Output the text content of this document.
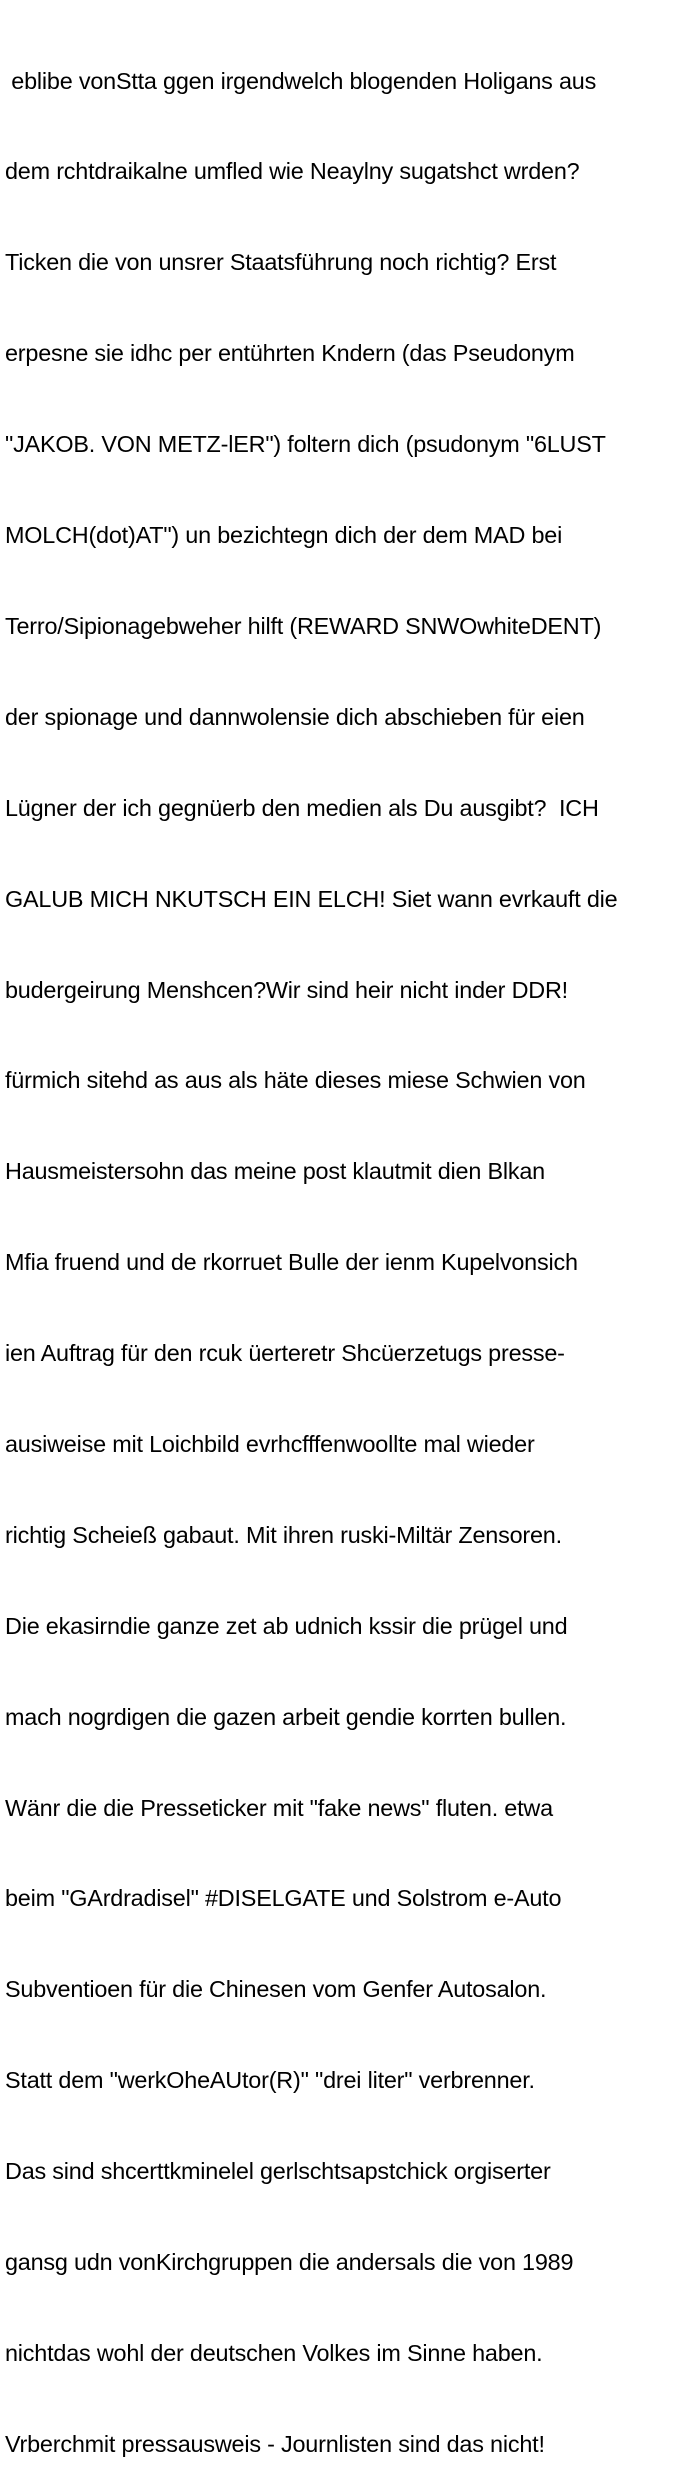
eblibe vonStta ggen irgendwelch blogenden Holigans aus

dem rchtdraikalne umfled wie Neaylny sugatshct wrden?

Ticken die von unsrer Staatsführung noch richtig? Erst

erpesne sie idhc per entührten Kndern (das Pseudonym

"JAKOB. VON METZ-lER") foltern dich (psudonym "6LUST

MOLCH(dot)AT") un bezichtegn dich der dem MAD bei

Terro/Sipionagebweher hilft (REWARD SNWOwhiteDENT)

der spionage und dannwolensie dich abschieben für eien

Lügner der ich gegnüerb den medien als Du ausgibt?  ICH

GALUB MICH NKUTSCH EIN ELCH! Siet wann evrkauft die

budergeirung Menshcen?Wir sind heir nicht inder DDR!

fürmich sitehd as aus als häte dieses miese Schwien von

Hausmeistersohn das meine post klautmit dien Blkan

Mfia fruend und de rkorruet Bulle der ienm Kupelvonsich

ien Auftrag für den rcuk üerteretr Shcüerzetugs presse-

ausiweise mit Loichbild evrhcfffenwoollte mal wieder

richtig Scheieß gabaut. Mit ihren ruski-Miltär Zensoren.

Die ekasirndie ganze zet ab udnich kssir die prügel und

mach nogrdigen die gazen arbeit gendie korrten bullen.

Wänr die die Presseticker mit "fake news" fluten. etwa

beim "GArdradisel" #DISELGATE und Solstrom e-Auto

Subventioen für die Chinesen vom Genfer Autosalon.

Statt dem "werkOheAUtor(R)" "drei liter" verbrenner.

Das sind shcerttkminelel gerlschtsapstchick orgiserter

gansg udn vonKirchgruppen die andersals die von 1989

nichtdas wohl der deutschen Volkes im Sinne haben.

Vrberchmit pressausweis - Journlisten sind das nicht!
